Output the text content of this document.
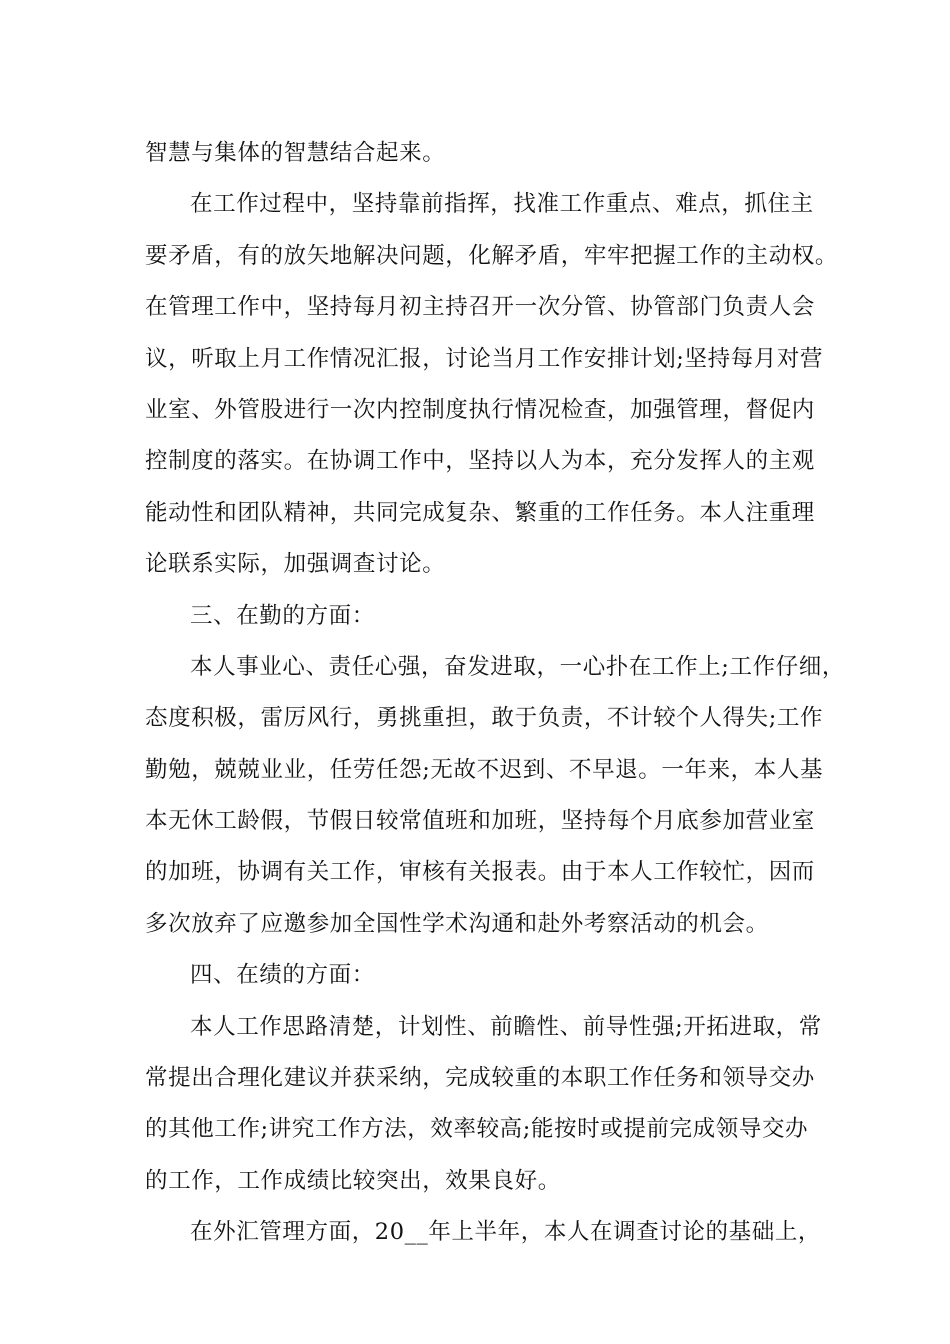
智慧与集体的智慧结合起来。
在工作过程中，坚持靠前指挥，找准工作重点、难点，抓住主
要矛盾，有的放矢地解决问题，化解矛盾，牢牢把握工作的主动权。
在管理工作中，坚持每月初主持召开一次分管、协管部门负责人会
议，听取上月工作情况汇报，讨论当月工作安排计划;坚持每月对营
业室、外管股进行一次内控制度执行情况检查，加强管理，督促内
控制度的落实。在协调工作中，坚持以人为本，充分发挥人的主观
能动性和团队精神，共同完成复杂、繁重的工作任务。本人注重理
论联系实际，加强调查讨论。
三、在勤的方面：
本人事业心、责任心强，奋发进取，一心扑在工作上;工作仔细，
态度积极，雷厉风行，勇挑重担，敢于负责，不计较个人得失;工作
勤勉，兢兢业业，任劳任怨;无故不迟到、不早退。一年来，本人基
本无休工龄假，节假日较常值班和加班，坚持每个月底参加营业室
的加班，协调有关工作，审核有关报表。由于本人工作较忙，因而
多次放弃了应邀参加全国性学术沟通和赴外考察活动的机会。
四、在绩的方面：
本人工作思路清楚，计划性、前瞻性、前导性强;开拓进取，常
常提出合理化建议并获采纳，完成较重的本职工作任务和领导交办
的其他工作;讲究工作方法，效率较高;能按时或提前完成领导交办
的工作，工作成绩比较突出，效果良好。
在外汇管理方面，20__年上半年，本人在调查讨论的基础上，
